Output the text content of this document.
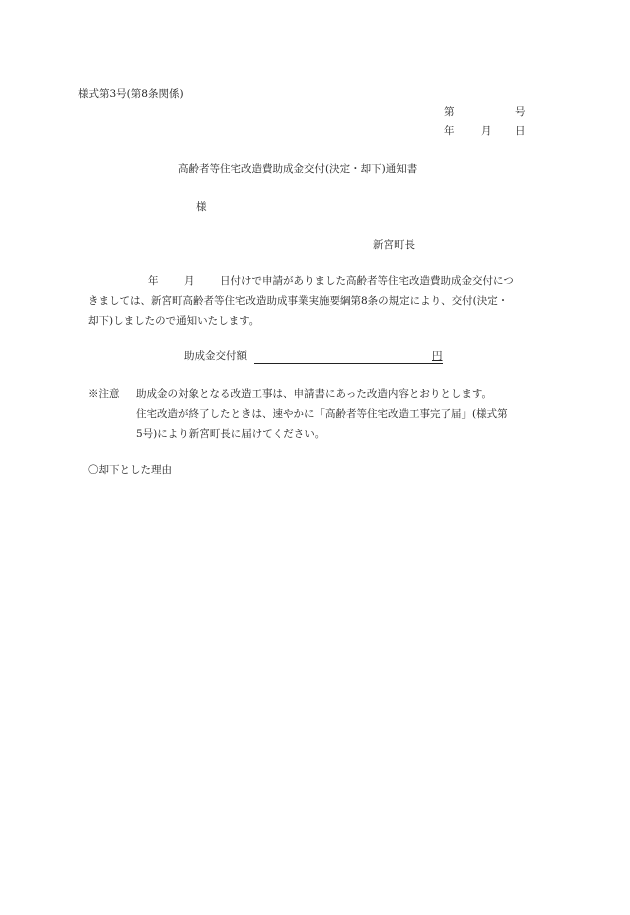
様式第3号(第8条関係)
第	号
年	月 日
高齢者等住宅改造費助成金交付(決定・却下)通知書
様
新宮町長
年 月 日付けで申請がありました高齢者等住宅改造費助成金交付につ
きましては、新宮町高齢者等住宅改造助成事業実施要綱第8条の規定により、交付(決定・
却下)しましたので通知いたします。
助成金交付額	円
※注意 助成金の対象となる改造工事は、申請書にあった改造内容とおりとします。
住宅改造が終了したときは、速やかに「高齢者等住宅改造工事完了届」(様式第
5号)により新宮町長に届けてください。
〇却下とした理由
